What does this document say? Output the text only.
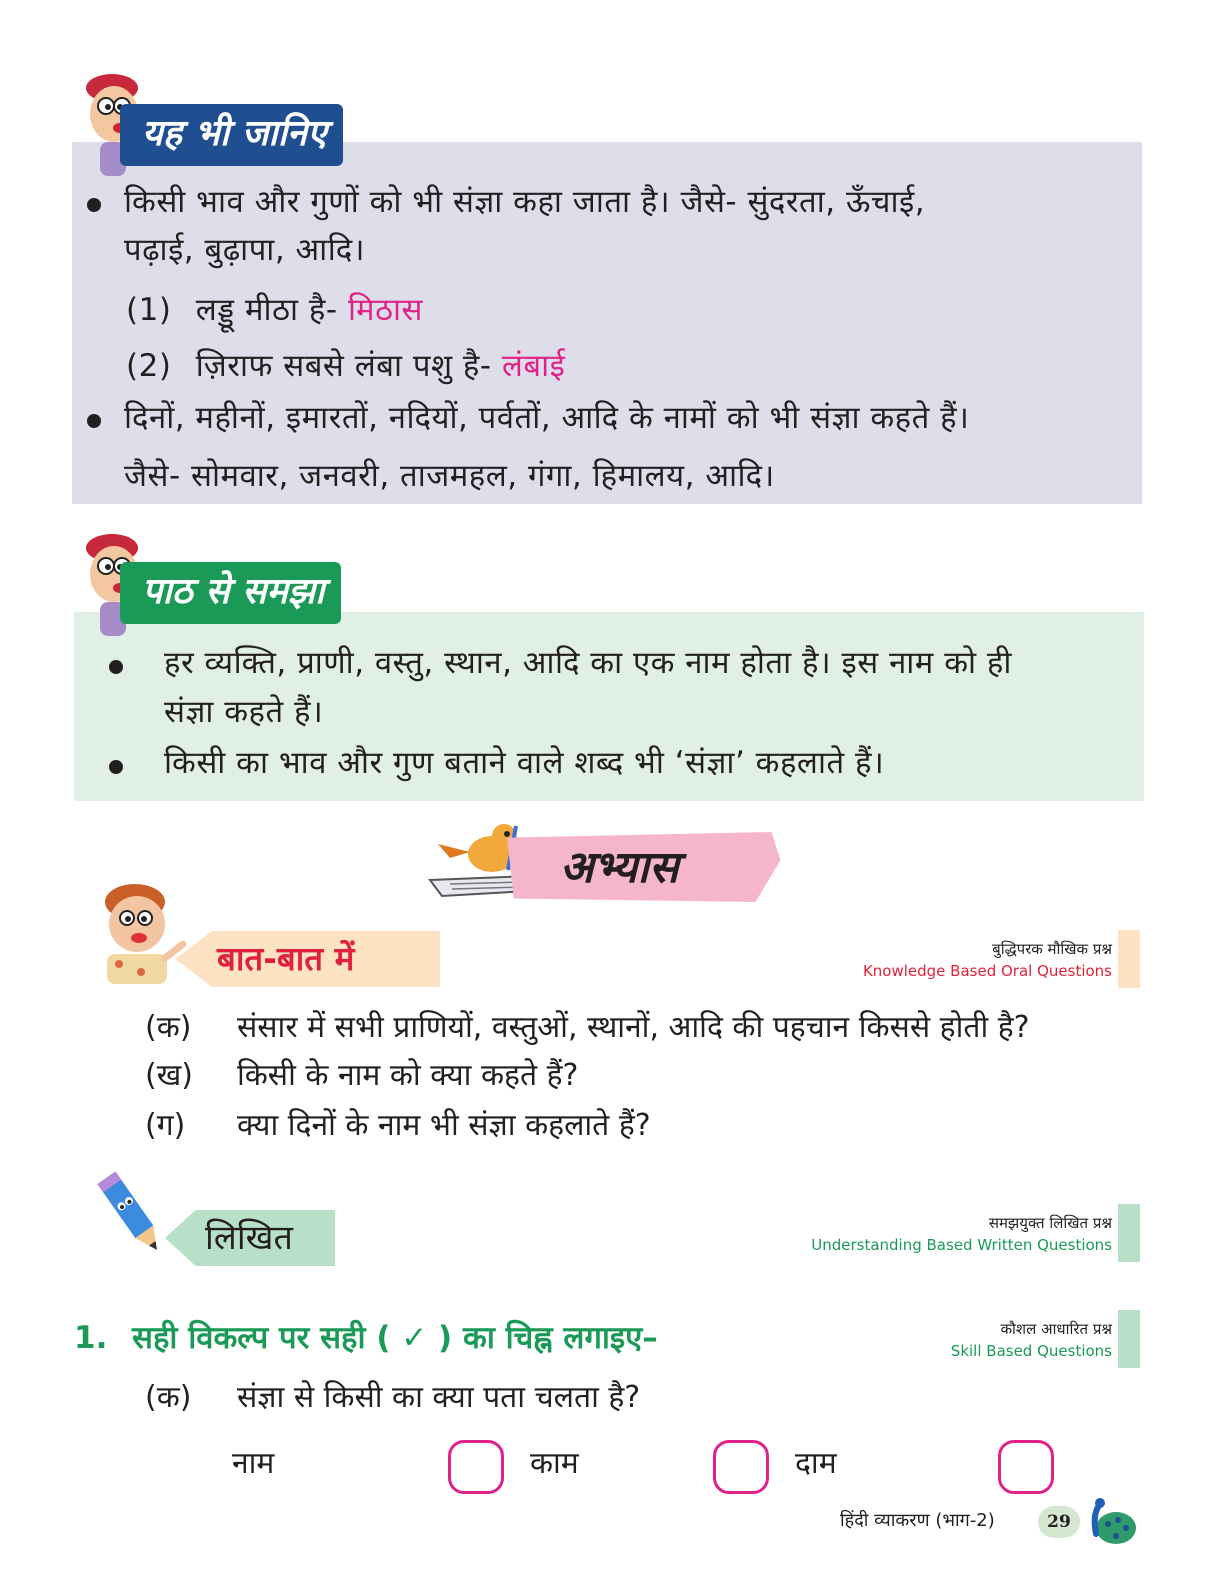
यह भी जानिए
किसी भाव और गुणों को भी संज्ञा कहा जाता है। जैसे- सुंदरता, ऊँचाई,
पढ़ाई, बुढ़ापा, आदि।
(1) लड्डू मीठा है- मिठास
(2) ज़िराफ सबसे लंबा पशु है- लंबाई
दिनों, महीनों, इमारतों, नदियों, पर्वतों, आदि के नामों को भी संज्ञा कहते हैं।
जैसे- सोमवार, जनवरी, ताजमहल, गंगा, हिमालय, आदि।
पाठ से समझा
हर व्यक्ति, प्राणी, वस्तु, स्थान, आदि का एक नाम होता है। इस नाम को ही
संज्ञा कहते हैं।
किसी का भाव और गुण बताने वाले शब्द भी ‘संज्ञा’ कहलाते हैं।
अभ्यास
बात-बात में	बुद्धिपरक मौखिक प्रश्न
Knowledge Based Oral Questions
(क) संसार में सभी प्राणियों, वस्तुओं, स्थानों, आदि की पहचान किससे होती है?
(ख) किसी के नाम को क्या कहते हैं?
(ग) क्या दिनों के नाम भी संज्ञा कहलाते हैं?
लिखित	समझयुक्त लिखित प्रश्न
Understanding Based Written Questions
1. सही विकल्प पर सही ( ✓ ) का चिह्न लगाइए–	कौशल आधारित प्रश्न
Skill Based Questions
(क) संज्ञा से किसी का क्या पता चलता है?
नाम	काम	दाम
हिंदी व्याकरण (भाग-2)	29
